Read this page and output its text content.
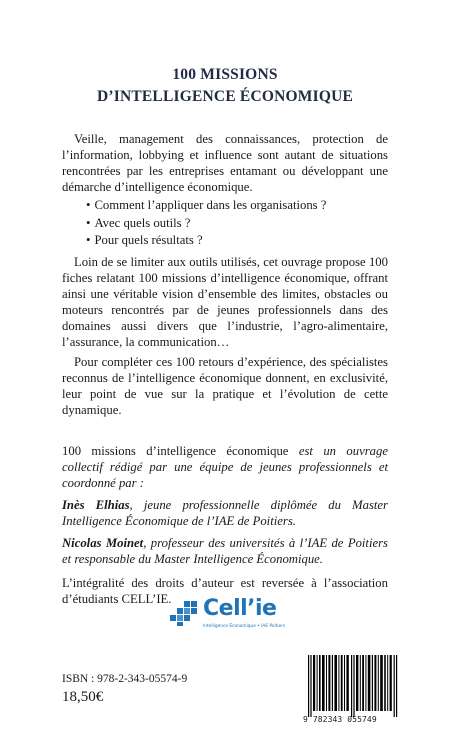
100 MISSIONS
D’INTELLIGENCE ÉCONOMIQUE

Veille, management des connaissances, protection de l’information, lobbying et influence sont autant de situations rencontrées par les entreprises entamant ou développant une démarche d’intelligence économique.

• Comment l’appliquer dans les organisations ?
• Avec quels outils ?
• Pour quels résultats ?

Loin de se limiter aux outils utilisés, cet ouvrage propose 100 fiches relatant 100 missions d’intelligence économique, offrant ainsi une véritable vision d’ensemble des limites, obstacles ou moteurs rencontrés par de jeunes professionnels dans des domaines aussi divers que l’industrie, l’agro-alimentaire, l’assurance, la communication…

Pour compléter ces 100 retours d’expérience, des spécialistes reconnus de l’intelligence économique donnent, en exclusivité, leur point de vue sur la pratique et l’évolution de cette dynamique.

100 missions d’intelligence économique est un ouvrage collectif rédigé par une équipe de jeunes professionnels et coordonné par :

Inès Elhias, jeune professionnelle diplômée du Master Intelligence Économique de l’IAE de Poitiers.

Nicolas Moinet, professeur des universités à l’IAE de Poitiers et responsable du Master Intelligence Économique.

L’intégralité des droits d’auteur est reversée à l’association d’étudiants CELL’IE.	Cell’ie
Intelligence Économique • IAE Poitiers
ISBN : 978-2-343-05574-9
18,50€
9 782343 055749
